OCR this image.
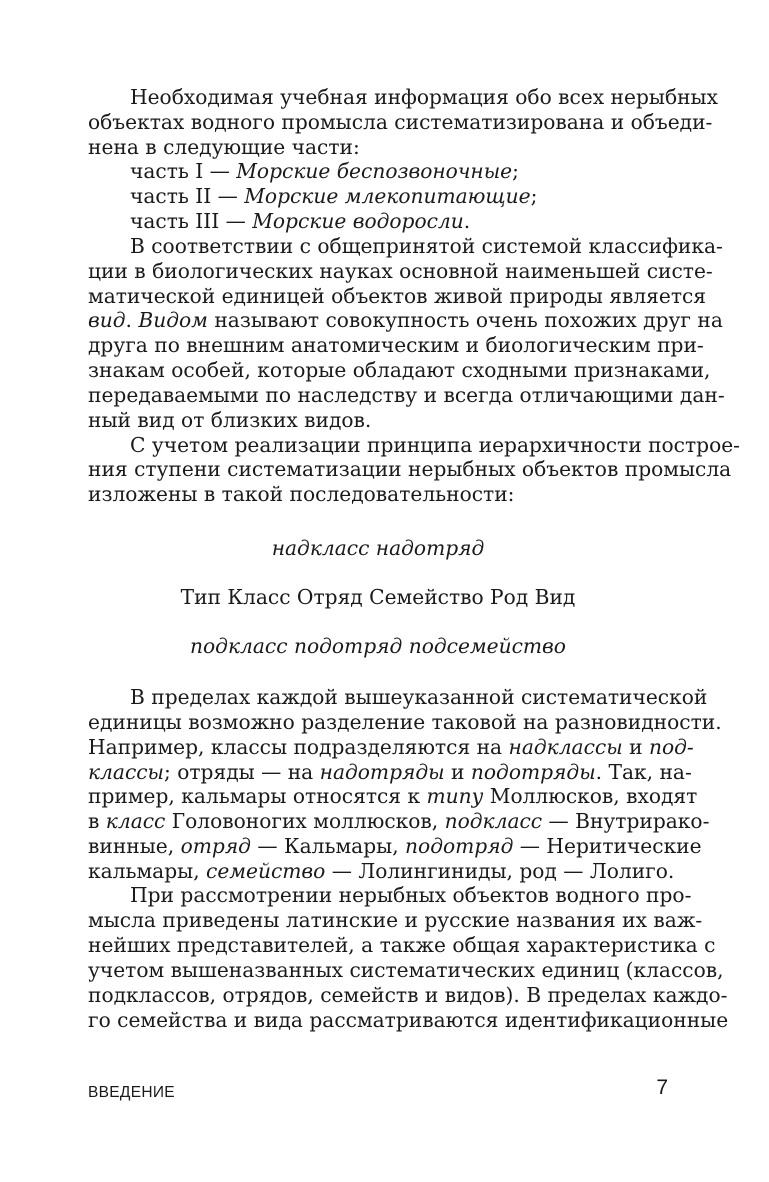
Необходимая учебная информация обо всех нерыбных
объектах водного промысла систематизирована и объеди-
нена в следующие части:
часть I — Морские беспозвоночные;
часть II — Морские млекопитающие;
часть III — Морские водоросли.
В соответствии с общепринятой системой классифика-
ции в биологических науках основной наименьшей систе-
матической единицей объектов живой природы является
вид. Видом называют совокупность очень похожих друг на
друга по внешним анатомическим и биологическим при-
знакам особей, которые обладают сходными признаками,
передаваемыми по наследству и всегда отличающими дан-
ный вид от близких видов.
С учетом реализации принципа иерархичности построе-
ния ступени систематизации нерыбных объектов промысла
изложены в такой последовательности:
надкласс надотряд
Тип Класс Отряд Семейство Род Вид
подкласс подотряд подсемейство
В пределах каждой вышеуказанной систематической
единицы возможно разделение таковой на разновидности.
Например, классы подразделяются на надклассы и под-
классы; отряды — на надотряды и подотряды. Так, на-
пример, кальмары относятся к типу Моллюсков, входят
в класс Головоногих моллюсков, подкласс — Внутрирако-
винные, отряд — Кальмары, подотряд — Неритические
кальмары, семейство — Лолингиниды, род — Лолиго.
При рассмотрении нерыбных объектов водного про-
мысла приведены латинские и русские названия их важ-
нейших представителей, а также общая характеристика с
учетом вышеназванных систематических единиц (классов,
подклассов, отрядов, семейств и видов). В пределах каждо-
го семейства и вида рассматриваются идентификационные
ВВЕДЕНИЕ	7
